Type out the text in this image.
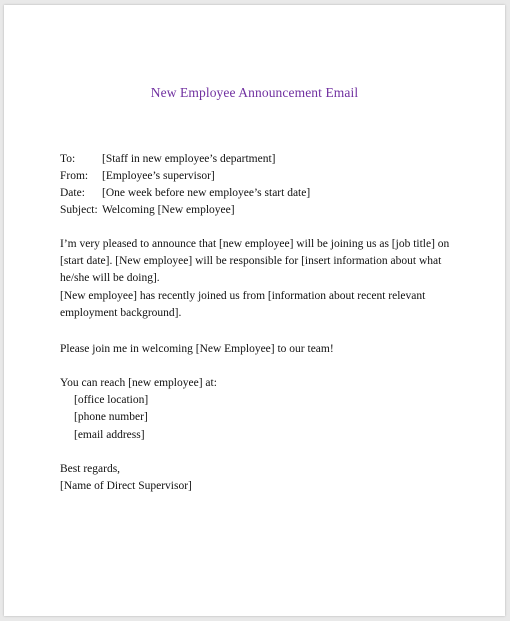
New Employee Announcement Email
To: [Staff in new employee’s department]
From: [Employee’s supervisor]
Date: [One week before new employee’s start date]
Subject: Welcoming [New employee]
I’m very pleased to announce that [new employee] will be joining us as [job title] on [start date]. [New employee] will be responsible for [insert information about what he/she will be doing].
[New employee] has recently joined us from [information about recent relevant employment background].
Please join me in welcoming [New Employee] to our team!
You can reach [new employee] at:
[office location]
[phone number]
[email address]
Best regards,
[Name of Direct Supervisor]
